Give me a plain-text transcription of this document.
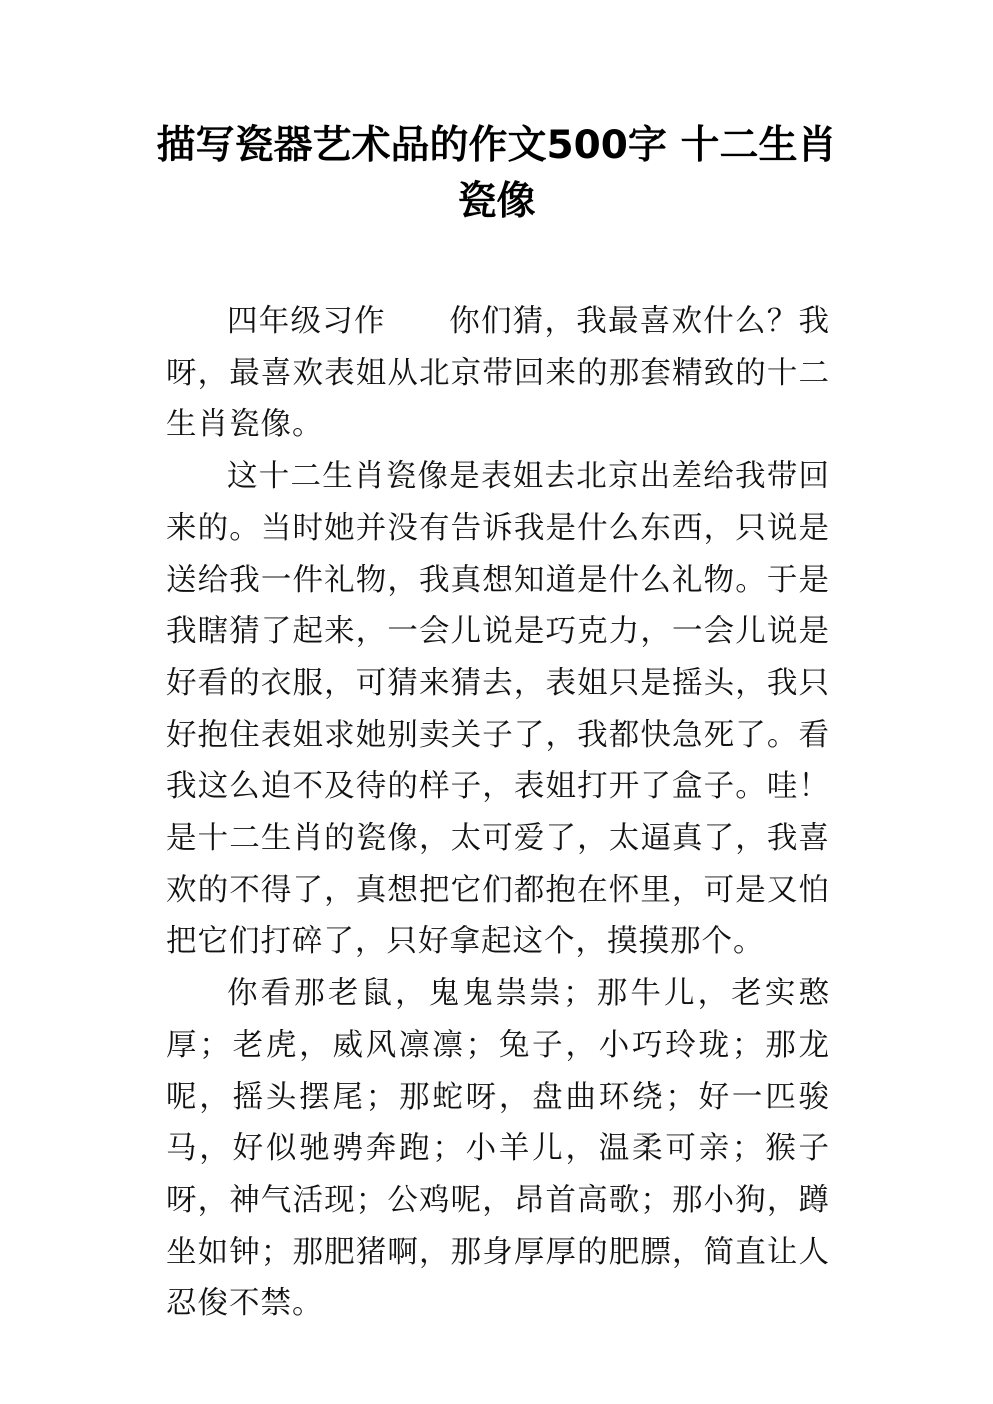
描写瓷器艺术品的作文500字 十二生肖瓷像

四年级习作　　你们猜，我最喜欢什么？我呀，最喜欢表姐从北京带回来的那套精致的十二生肖瓷像。

这十二生肖瓷像是表姐去北京出差给我带回来的。当时她并没有告诉我是什么东西，只说是送给我一件礼物，我真想知道是什么礼物。于是我瞎猜了起来，一会儿说是巧克力，一会儿说是好看的衣服，可猜来猜去，表姐只是摇头，我只好抱住表姐求她别卖关子了，我都快急死了。看我这么迫不及待的样子，表姐打开了盒子。哇！是十二生肖的瓷像，太可爱了，太逼真了，我喜欢的不得了，真想把它们都抱在怀里，可是又怕把它们打碎了，只好拿起这个，摸摸那个。

你看那老鼠，鬼鬼祟祟；那牛儿，老实憨厚；老虎，威风凛凛；兔子，小巧玲珑；那龙呢，摇头摆尾；那蛇呀，盘曲环绕；好一匹骏马，好似驰骋奔跑；小羊儿，温柔可亲；猴子呀，神气活现；公鸡呢，昂首高歌；那小狗，蹲坐如钟；那肥猪啊，那身厚厚的肥膘，简直让人忍俊不禁。
